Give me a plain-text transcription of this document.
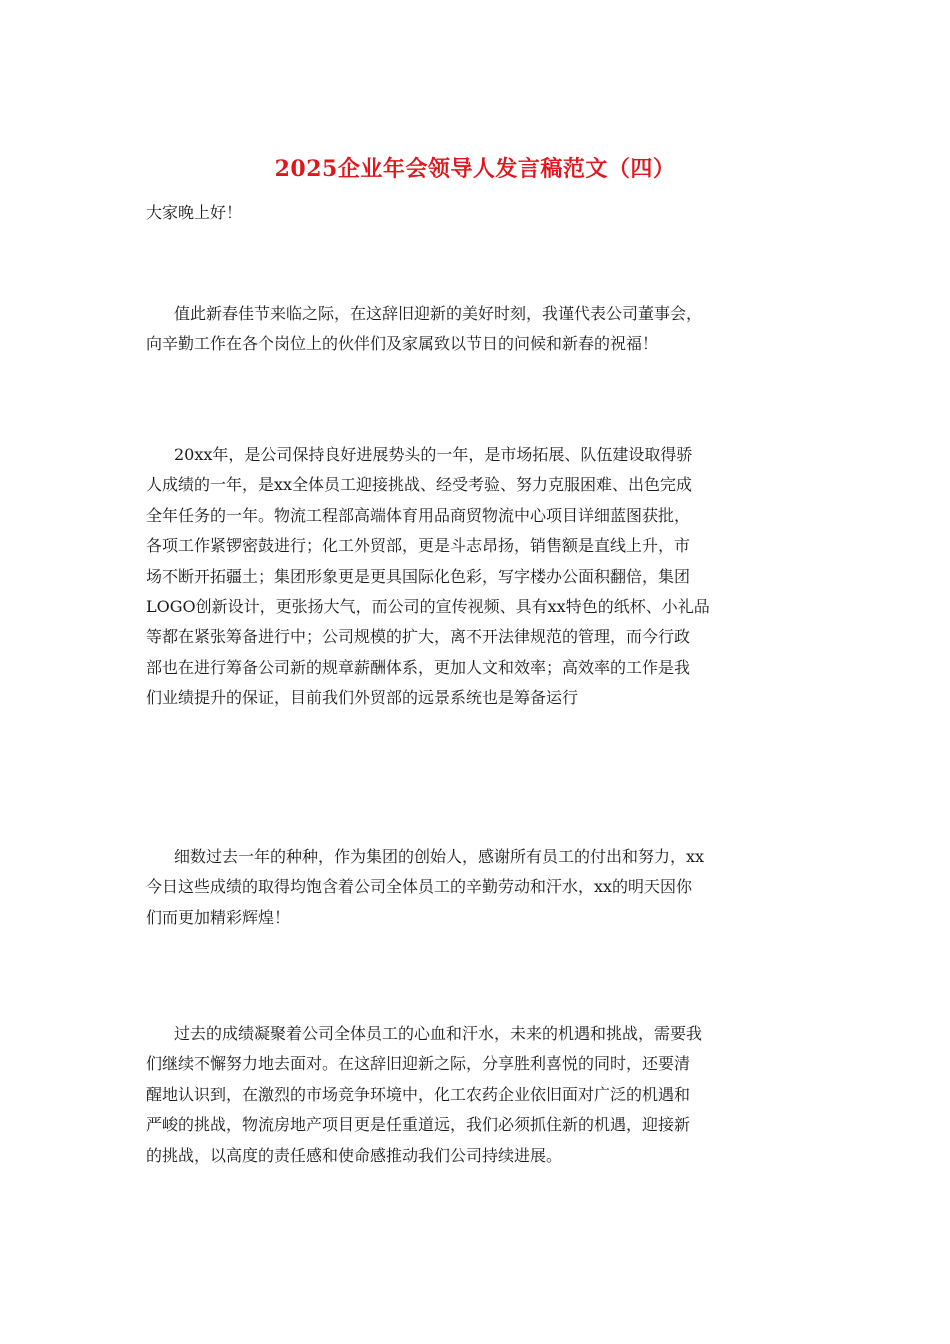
2025企业年会领导人发言稿范文（四）

大家晚上好！

值此新春佳节来临之际，在这辞旧迎新的美好时刻，我谨代表公司董事会，
向辛勤工作在各个岗位上的伙伴们及家属致以节日的问候和新春的祝福！
20xx年，是公司保持良好进展势头的一年，是市场拓展、队伍建设取得骄
人成绩的一年，是xx全体员工迎接挑战、经受考验、努力克服困难、出色完成
全年任务的一年。物流工程部高端体育用品商贸物流中心项目详细蓝图获批，
各项工作紧锣密鼓进行；化工外贸部，更是斗志昂扬，销售额是直线上升，市
场不断开拓疆土；集团形象更是更具国际化色彩，写字楼办公面积翻倍，集团
LOGO创新设计，更张扬大气，而公司的宣传视频、具有xx特色的纸杯、小礼品
等都在紧张筹备进行中；公司规模的扩大，离不开法律规范的管理，而今行政
部也在进行筹备公司新的规章薪酬体系，更加人文和效率；高效率的工作是我
们业绩提升的保证，目前我们外贸部的远景系统也是筹备运行
细数过去一年的种种，作为集团的创始人，感谢所有员工的付出和努力，xx
今日这些成绩的取得均饱含着公司全体员工的辛勤劳动和汗水，xx的明天因你
们而更加精彩辉煌！
过去的成绩凝聚着公司全体员工的心血和汗水，未来的机遇和挑战，需要我
们继续不懈努力地去面对。在这辞旧迎新之际，分享胜利喜悦的同时，还要清
醒地认识到，在激烈的市场竞争环境中，化工农药企业依旧面对广泛的机遇和
严峻的挑战，物流房地产项目更是任重道远，我们必须抓住新的机遇，迎接新
的挑战，以高度的责任感和使命感推动我们公司持续进展。
